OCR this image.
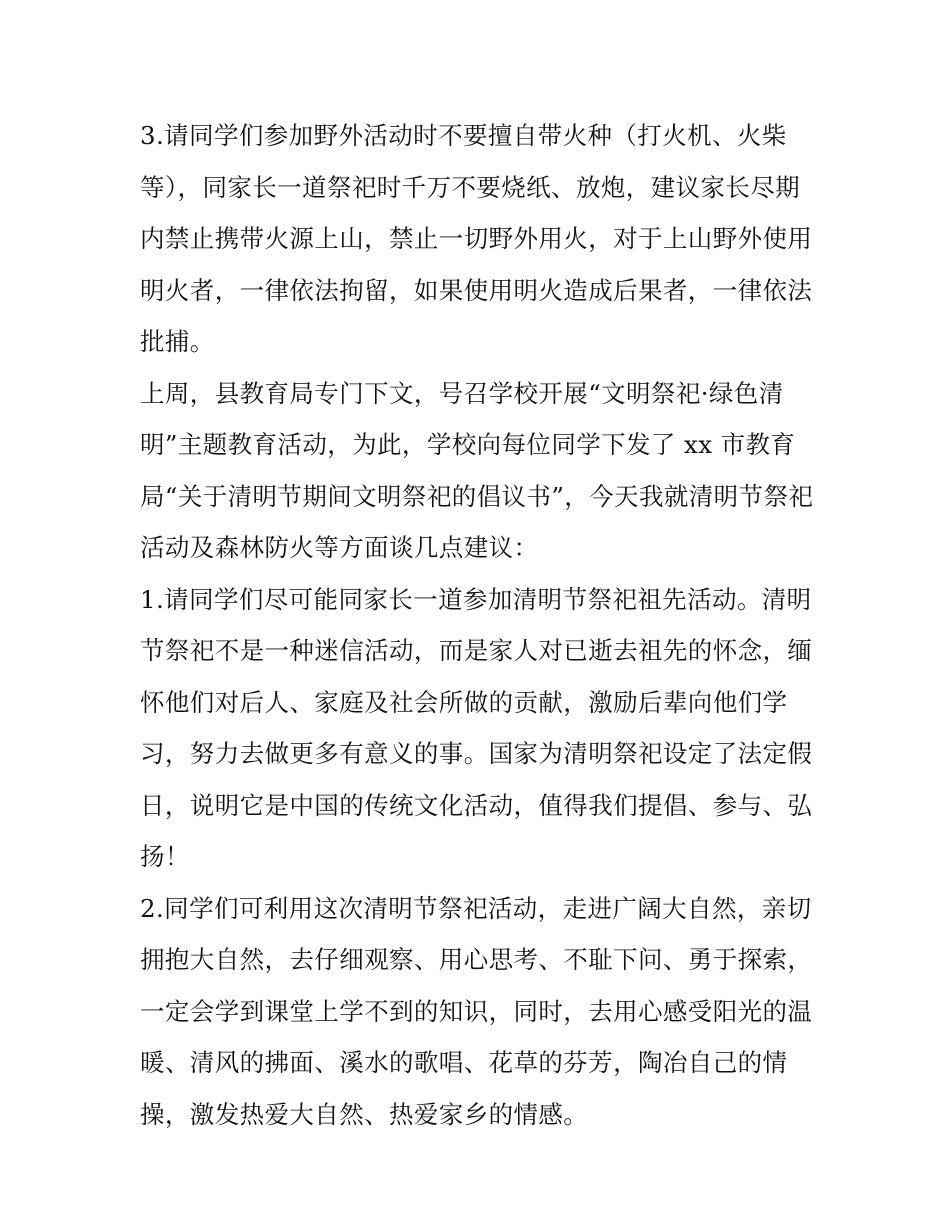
3.请同学们参加野外活动时不要擅自带火种（打火机、火柴
等），同家长一道祭祀时千万不要烧纸、放炮，建议家长尽期
内禁止携带火源上山，禁止一切野外用火，对于上山野外使用
明火者，一律依法拘留，如果使用明火造成后果者，一律依法
批捕。

上周，县教育局专门下文，号召学校开展“文明祭祀·绿色清
明”主题教育活动，为此，学校向每位同学下发了 xx 市教育
局“关于清明节期间文明祭祀的倡议书”，今天我就清明节祭祀
活动及森林防火等方面谈几点建议：

1.请同学们尽可能同家长一道参加清明节祭祀祖先活动。清明
节祭祀不是一种迷信活动，而是家人对已逝去祖先的怀念，缅
怀他们对后人、家庭及社会所做的贡献，激励后辈向他们学
习，努力去做更多有意义的事。国家为清明祭祀设定了法定假
日，说明它是中国的传统文化活动，值得我们提倡、参与、弘
扬！

2.同学们可利用这次清明节祭祀活动，走进广阔大自然，亲切
拥抱大自然，去仔细观察、用心思考、不耻下问、勇于探索，
一定会学到课堂上学不到的知识，同时，去用心感受阳光的温
暖、清风的拂面、溪水的歌唱、花草的芬芳，陶冶自己的情
操，激发热爱大自然、热爱家乡的情感。
